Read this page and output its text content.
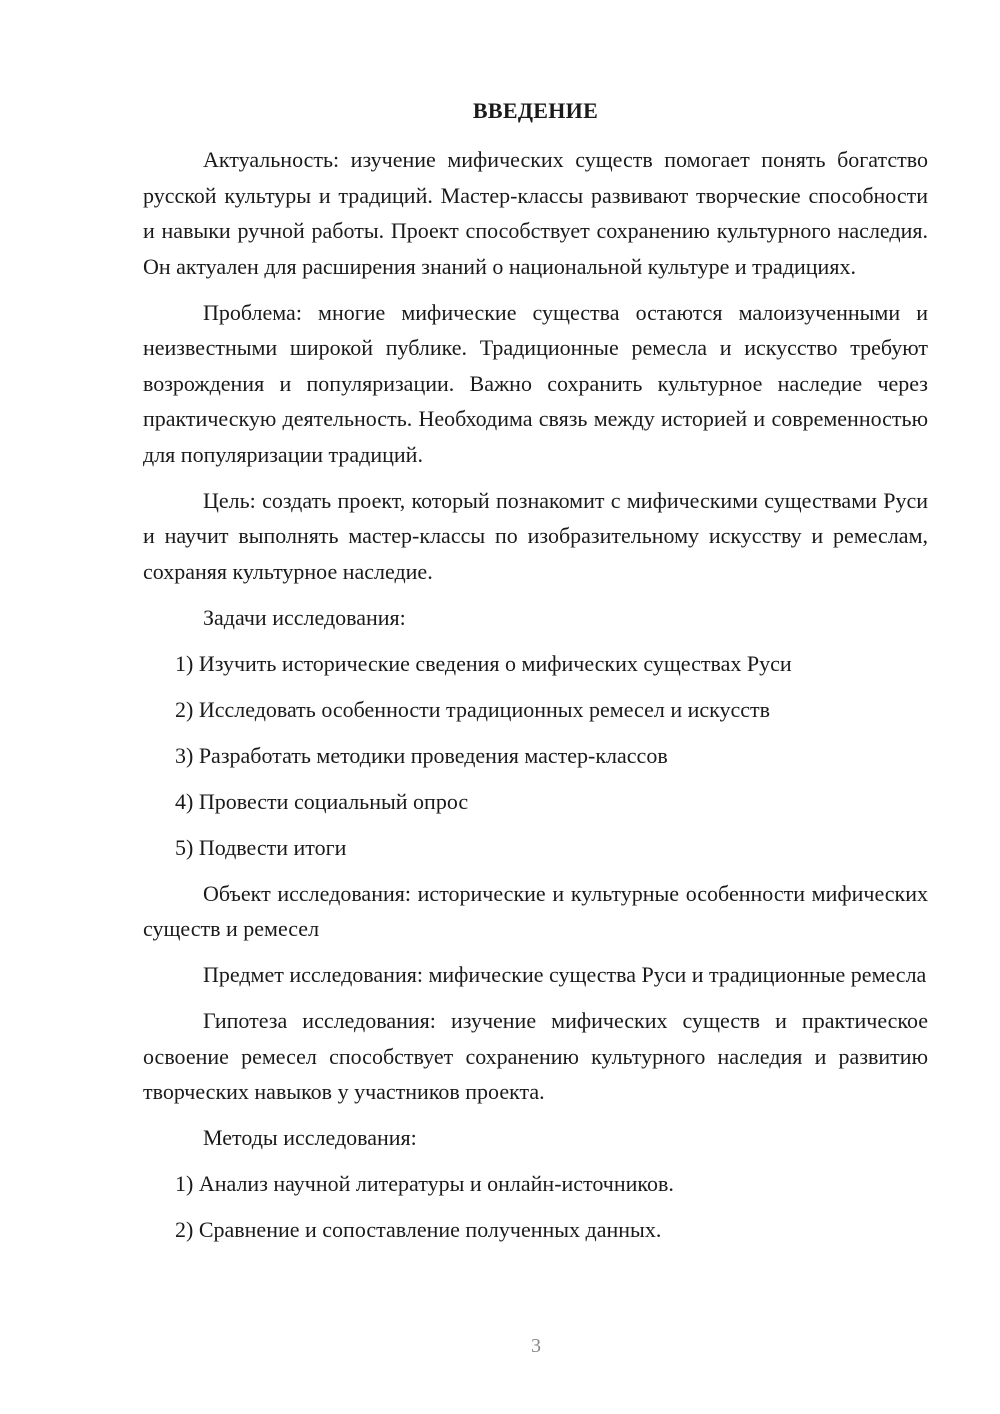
ВВЕДЕНИЕ

Актуальность: изучение мифических существ помогает понять богатство русской культуры и традиций. Мастер-классы развивают творческие способности и навыки ручной работы. Проект способствует сохранению культурного наследия. Он актуален для расширения знаний о национальной культуре и традициях.

Проблема: многие мифические существа остаются малоизученными и неизвестными широкой публике. Традиционные ремесла и искусство требуют возрождения и популяризации. Важно сохранить культурное наследие через практическую деятельность. Необходима связь между историей и современностью для популяризации традиций.

Цель: создать проект, который познакомит с мифическими существами Руси и научит выполнять мастер-классы по изобразительному искусству и ремеслам, сохраняя культурное наследие.

Задачи исследования:

1) Изучить исторические сведения о мифических существах Руси

2) Исследовать особенности традиционных ремесел и искусств

3) Разработать методики проведения мастер-классов

4) Провести социальный опрос

5) Подвести итоги

Объект исследования: исторические и культурные особенности мифических существ и ремесел

Предмет исследования: мифические существа Руси и традиционные ремесла

Гипотеза исследования: изучение мифических существ и практическое освоение ремесел способствует сохранению культурного наследия и развитию творческих навыков у участников проекта.

Методы исследования:

1) Анализ научной литературы и онлайн-источников.

2) Сравнение и сопоставление полученных данных.

3
